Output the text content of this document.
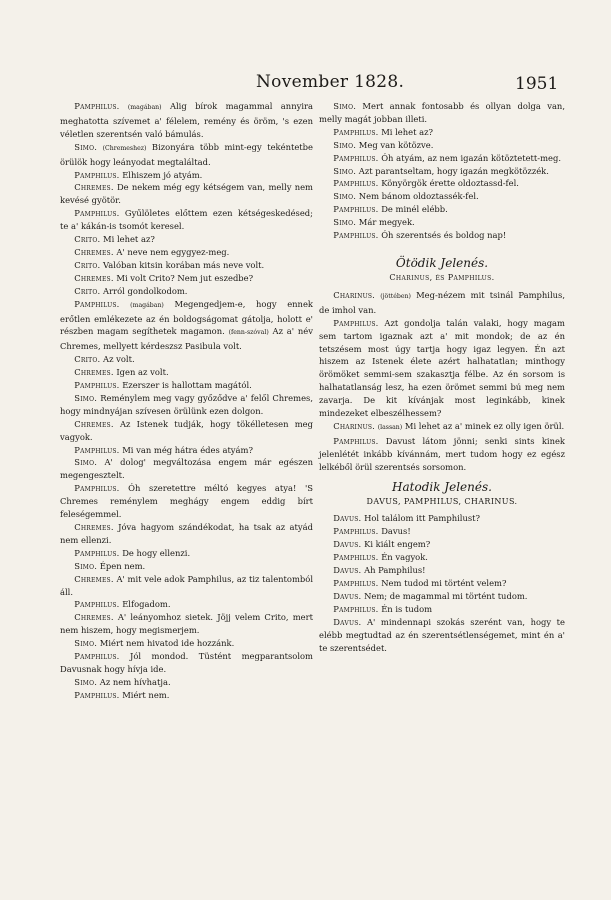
November 1828.	1951

Pamphilus. (magában) Alig bírok magammal annyira meghatotta szívemet a' félelem, remény és öröm, 's ezen véletlen szerentsén való bámulás.

Simo. (Chremeshez) Bizonyára több mint-egy tekéntetbe örülök hogy leányodat megtaláltad.

Pamphilus. Elhiszem jó atyám.

Chremes. De nekem még egy kétségem van, melly nem kevésé gyötör.

Pamphilus. Gyűlöletes előttem ezen kétségeskedésed; te a' kákán-is tsomót keresel.

Crito. Mi lehet az?

Chremes. A' neve nem egygyez-meg.

Crito. Valóban kitsin korában más neve volt.

Chremes. Mi volt Crito? Nem jut eszedbe?

Crito. Arról gondolkodom.

Pamphilus. (magában) Megengedjem-e, hogy ennek erőtlen emlékezete az én boldogságomat gátolja, holott e' részben magam segíthetek magamon. (fenn-szóval) Az a' név Chremes, mellyett kérdeszsz Pasibula volt.

Crito. Az volt.

Chremes. Igen az volt.

Pamphilus. Ezerszer is hallottam magától.

Simo. Reménylem meg vagy győződve a' felől Chremes, hogy mindnyájan szívesen örülünk ezen dolgon.

Chremes. Az Istenek tudják, hogy tökélletesen meg vagyok.

Pamphilus. Mi van még hátra édes atyám?

Simo. A' dolog' megváltozása engem már egészen megengesztelt.

Pamphilus. Óh szeretettre méltó kegyes atya! 'S Chremes reménylem meghágy engem eddig bírt feleségemmel.

Chremes. Jóva hagyom szándékodat, ha tsak az atyád nem ellenzi.

Pamphilus. De hogy ellenzi.

Simo. Épen nem.

Chremes. A' mit vele adok Pamphilus, az tiz talentomból áll.

Pamphilus. Elfogadom.

Chremes. A' leányomhoz sietek. Jöjj velem Crito, mert nem hiszem, hogy megismerjem.

Simo. Miért nem hivatod ide hozzánk.

Pamphilus. Jól mondod. Tüstént megparantsolom Davusnak hogy hívja ide.

Simo. Az nem hívhatja.

Pamphilus. Miért nem.

Simo. Mert annak fontosabb és ollyan dolga van, melly magát jobban illeti.

Pamphilus. Mi lehet az?

Simo. Meg van kötözve.

Pamphilus. Óh atyám, az nem igazán kötöztetett-meg.

Simo. Azt parantseltam, hogy igazán megkötözzék.

Pamphilus. Könyörgök érette oldoztassd-fel.

Simo. Nem bánom oldoztassék-fel.

Pamphilus. De minél elébb.

Simo. Már megyek.

Pamphilus. Óh szerentsés és boldog nap!

Ötödik Jelenés.
Charinus, és Pamphilus.

Charinus. (jöttében) Meg-nézem mit tsinál Pamphilus, de imhol van.

Pamphilus. Azt gondolja talán valaki, hogy magam sem tartom igaznak azt a' mit mondok; de az én tetszésem most úgy tartja hogy igaz legyen. Én azt hiszem az Istenek élete azért halhatatlan; minthogy örömöket semmi-sem szakasztja félbe. Az én sorsom is halhatatlanság lesz, ha ezen örömet semmi bú meg nem zavarja. De kit kívánjak most leginkább, kinek mindezeket elbeszélhessem?

Charinus. (lassan) Mi lehet az a' minek ez olly igen örül.

Pamphilus. Davust látom jönni; senki sints kinek jelenlétét inkább kívánnám, mert tudom hogy ez egész lelkéből örül szerentsés sorsomon.

Hatodik Jelenés.
DAVUS, PAMPHILUS, CHARINUS.

Davus. Hol találom itt Pamphilust?

Pamphilus. Davus!

Davus. Ki kiált engem?

Pamphilus. Én vagyok.

Davus. Ah Pamphilus!

Pamphilus. Nem tudod mi történt velem?

Davus. Nem; de magammal mi történt tudom.

Pamphilus. Én is tudom

Davus. A' mindennapi szokás szerént van, hogy te elébb megtudtad az én szerentsétlenségemet, mint én a' te szerentsédet.
